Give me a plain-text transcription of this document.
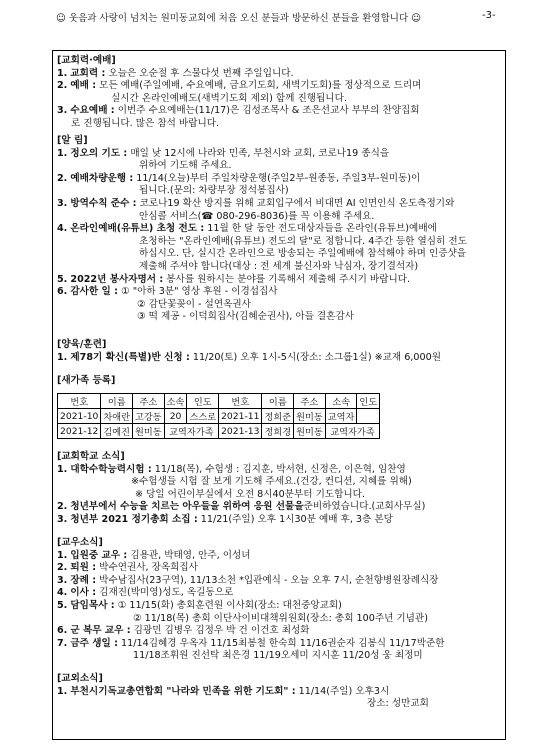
☺ 웃음과 사랑이 넘치는 원미동교회에 처음 오신 분들과 방문하신 분들을 환영합니다 ☺	-3-
[교회력·예배]
1. 교회력 : 오늘은 오순절 후 스물다섯 번째 주일입니다.
2. 예배 : 모든 예배(주일예배, 수요예배, 금요기도회, 새벽기도회)를 정상적으로 드리며
실시간 온라인예배도(새벽기도회 제외) 함께 진행됩니다.
3. 수요예배 : 이번주 수요예배는(11/17)은 김성조목사 & 조은선교사 부부의 찬양집회
로 진행됩니다. 많은 참석 바랍니다.
[알 림]
1. 정오의 기도 : 매일 낮 12시에 나라와 민족, 부천시와 교회, 코로나19 종식을
위하여 기도해 주세요.
2. 예배차량운행 : 11/14(오늘)부터 주일차량운행(주일2부-원종동, 주일3부-원미동)이
됩니다.(문의: 차량부장 정석봉집사)
3. 방역수칙 준수 : 코로나19 확산 방지를 위해 교회입구에서 비대면 AI 인면인식 온도측정기와
안심콜 서비스(☎ 080-296-8036)를 꼭 이용해 주세요.
4. 온라인예배(유튜브) 초청 전도 : 11월 한 달 동안 전도대상자들을 온라인(유튜브)예배에
초청하는 "온라인예배(유튜브) 전도의 달"로 정합니다. 4주간 등한 열심히 전도
하십시오. 단, 실시간 온라인으로 방송되는 주일예배에 참석해야 하며 인증샷을
제출해 주셔야 합니다(대상 : 전 세계 불신자와 낙심자, 장기결석자)
5. 2022년 봉사자명서 : 봉사를 원하시는 분야를 기록해서 제출해 주시기 바랍니다.
6. 감사한 일 : ① "아하 3분" 영상 후원 - 이경섭집사
② 감단꽃꽂이 - 설연옥권사
③ 떡 제공 - 이덕희집사(김혜순권사), 아들 결혼감사
[양육/훈련]
1. 제78기 확신(특별)반 신청 : 11/20(토) 오후 1시-5시(장소: 소그룹1실) ※교재 6,000원
[새가족 등록]
번호	이름	주소	소속	인도	번호	이름	주소	소속	인도
2021-10	차애란	고강동	20	스스로	2021-11	정희준	원미동	교역자	
2021-12	김예진	원미동	교역자가족		2021-13	정희경	원미동	교역자가족	
[교회학교 소식]
1. 대학수학능력시험 : 11/18(목), 수험생 : 김지훈, 박서현, 신정은, 이은혁, 임찬영
※수험생들 시험 잘 보게 기도해 주세요.(건강, 컨디션, 지혜를 위해)
※ 당일 어린이부실에서 오전 8시40분부터 기도합니다.
2. 청년부에서 수능을 치르는 아우들을 위하여 응원 선물을준비하였습니다.(교회사무실)
3. 청년부 2021 정기총회 소집 : 11/21(주일) 오후 1시30분 예배 후, 3층 본당
[교우소식]
1. 입원중 교우 : 김용관, 박태영, 안주, 이성녀
2. 퇴원 : 박수연권사, 장옥희집사
3. 장례 : 박수남집사(23구역), 11/13소천 *입관예식 - 오늘 오후 7시, 순천향병원장례식장
4. 이사 : 김재진(박미영)성도, 옥길동으로
5. 담임목사 : ① 11/15(화) 총회훈련원 이사회(장소: 대천중앙교회)
② 11/18(목) 총회 이단사이비대책위원회(장소: 총회 100주년 기념관)
6. 군 복무 교우 : 김광민 김병우 김정우 박 건 이건호 최성화
7. 금주 생일 : 11/14김혜경 우옥자 11/15최봉철 한숙희 11/16권순자 김봉식 11/17박준한
11/18조휘원 진선탁 최은경 11/19오세미 지시훈 11/20성 웅 최정미
[교외소식]
1. 부천시기독교총연합회 "나라와 민족을 위한 기도회" : 11/14(주일) 오후3시
장소: 성만교회
